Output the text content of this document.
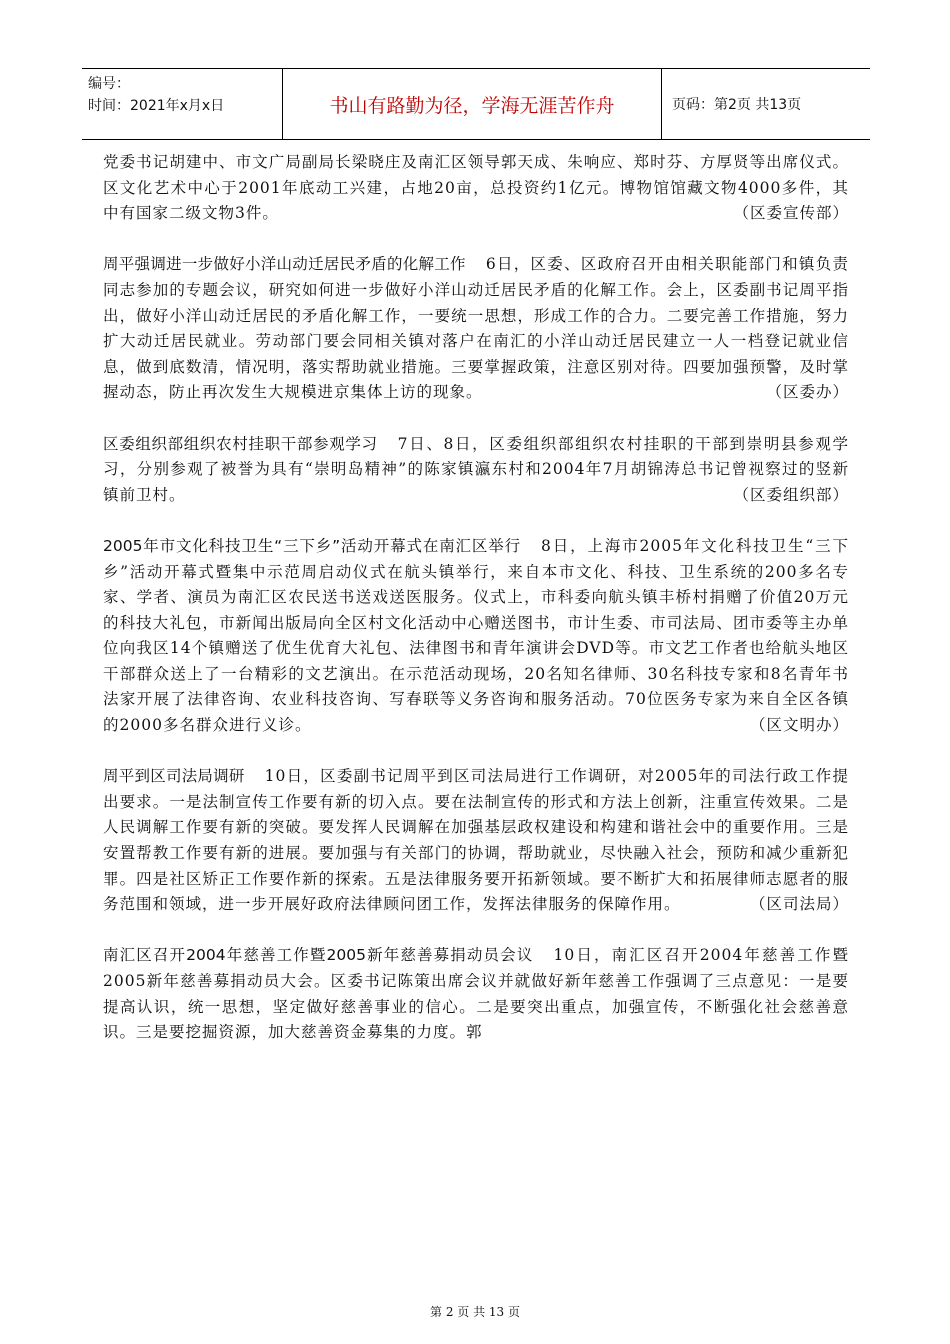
编号：
时间：2021年x月x日	书山有路勤为径，学海无涯苦作舟	页码：第2页 共13页

党委书记胡建中、市文广局副局长梁晓庄及南汇区领导郭天成、朱响应、郑时芬、方厚贤等出席仪式。区文化艺术中心于2001年底动工兴建，占地20亩，总投资约1亿元。博物馆馆藏文物4000多件，其中有国家二级文物3件。	（区委宣传部）

周平强调进一步做好小洋山动迁居民矛盾的化解工作 6日，区委、区政府召开由相关职能部门和镇负责同志参加的专题会议，研究如何进一步做好小洋山动迁居民矛盾的化解工作。会上，区委副书记周平指出，做好小洋山动迁居民的矛盾化解工作，一要统一思想，形成工作的合力。二要完善工作措施，努力扩大动迁居民就业。劳动部门要会同相关镇对落户在南汇的小洋山动迁居民建立一人一档登记就业信息，做到底数清，情况明，落实帮助就业措施。三要掌握政策，注意区别对待。四要加强预警，及时掌握动态，防止再次发生大规模进京集体上访的现象。	（区委办）

区委组织部组织农村挂职干部参观学习 7日、8日，区委组织部组织农村挂职的干部到崇明县参观学习，分别参观了被誉为具有“崇明岛精神”的陈家镇瀛东村和2004年7月胡锦涛总书记曾视察过的竖新镇前卫村。	（区委组织部）

2005年市文化科技卫生“三下乡”活动开幕式在南汇区举行 8日，上海市2005年文化科技卫生“三下乡”活动开幕式暨集中示范周启动仪式在航头镇举行，来自本市文化、科技、卫生系统的200多名专家、学者、演员为南汇区农民送书送戏送医服务。仪式上，市科委向航头镇丰桥村捐赠了价值20万元的科技大礼包，市新闻出版局向全区村文化活动中心赠送图书，市计生委、市司法局、团市委等主办单位向我区14个镇赠送了优生优育大礼包、法律图书和青年演讲会DVD等。市文艺工作者也给航头地区干部群众送上了一台精彩的文艺演出。在示范活动现场，20名知名律师、30名科技专家和8名青年书法家开展了法律咨询、农业科技咨询、写春联等义务咨询和服务活动。70位医务专家为来自全区各镇的2000多名群众进行义诊。	（区文明办）

周平到区司法局调研 10日，区委副书记周平到区司法局进行工作调研，对2005年的司法行政工作提出要求。一是法制宣传工作要有新的切入点。要在法制宣传的形式和方法上创新，注重宣传效果。二是人民调解工作要有新的突破。要发挥人民调解在加强基层政权建设和构建和谐社会中的重要作用。三是安置帮教工作要有新的进展。要加强与有关部门的协调，帮助就业，尽快融入社会，预防和减少重新犯罪。四是社区矫正工作要作新的探索。五是法律服务要开拓新领域。要不断扩大和拓展律师志愿者的服务范围和领域，进一步开展好政府法律顾问团工作，发挥法律服务的保障作用。	（区司法局）

南汇区召开2004年慈善工作暨2005新年慈善募捐动员会议 10日，南汇区召开2004年慈善工作暨2005新年慈善募捐动员大会。区委书记陈策出席会议并就做好新年慈善工作强调了三点意见：一是要提高认识，统一思想，坚定做好慈善事业的信心。二是要突出重点，加强宣传，不断强化社会慈善意识。三是要挖掘资源，加大慈善资金募集的力度。郭

第 2 页 共 13 页
